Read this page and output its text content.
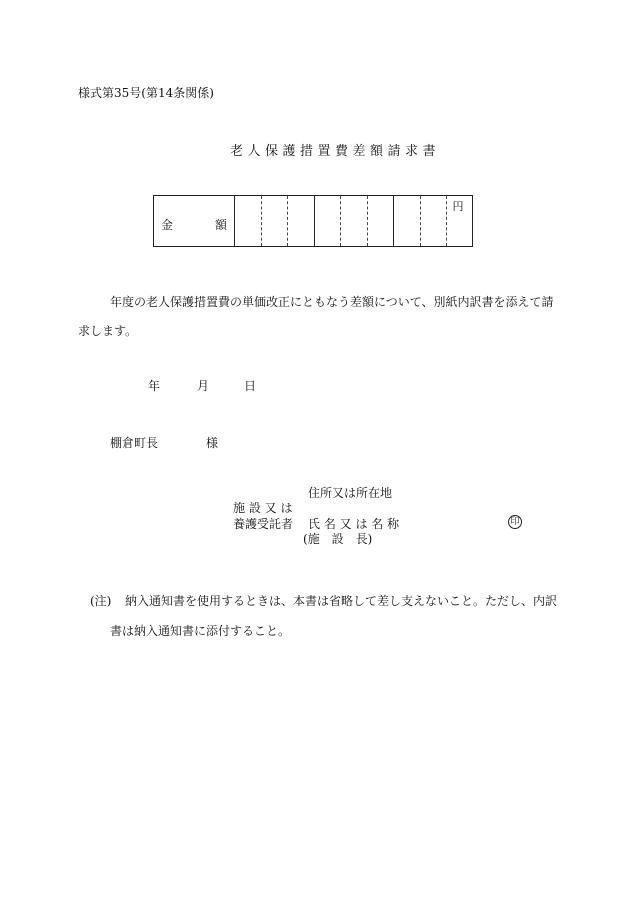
様式第35号(第14条関係)
老人保護措置費差額請求書
金	額
円
年度の老人保護措置費の単価改正にともなう差額について、別紙内訳書を添えて請
求します。
年	月	日
棚倉町長	様
住所又は所在地
施 設 又 は
養護受託者 氏 名 又 は 名 称
(施　設　長)
印
(注) 納入通知書を使用するときは、本書は省略して差し支えないこと。ただし、内訳
書は納入通知書に添付すること。
